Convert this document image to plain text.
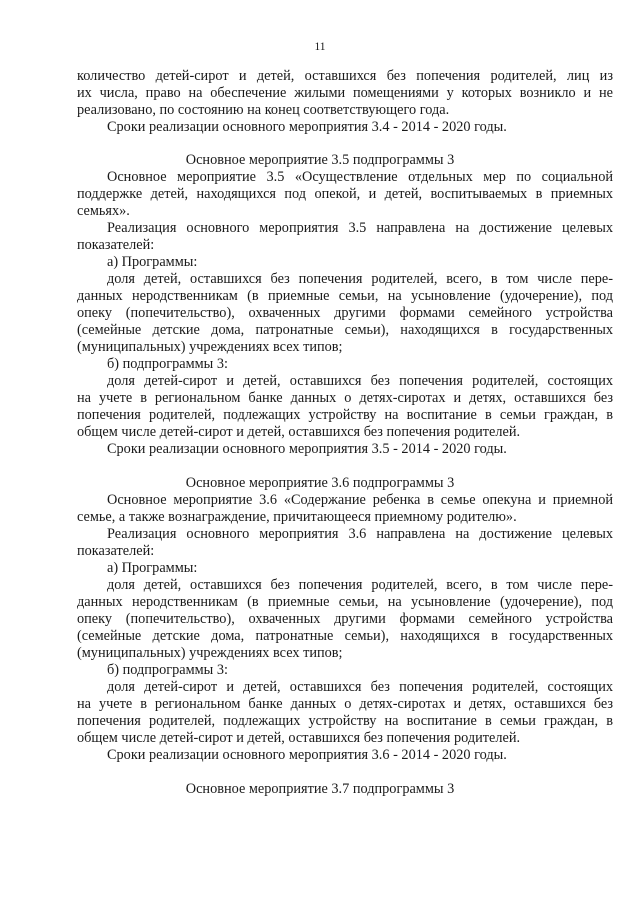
11
количество детей-сирот и детей, оставшихся без попечения родителей, лиц из
их числа, право на обеспечение жилыми помещениями у которых возникло и не
реализовано, по состоянию на конец соответствующего года.
Сроки реализации основного мероприятия 3.4 - 2014 - 2020 годы.
Основное мероприятие 3.5 подпрограммы 3
Основное мероприятие 3.5 «Осуществление отдельных мер по социальной
поддержке детей, находящихся под опекой, и детей, воспитываемых в приемных
семьях».
Реализация основного мероприятия 3.5 направлена на достижение целевых
показателей:
а) Программы:
доля детей, оставшихся без попечения родителей, всего, в том числе пере-
данных неродственникам (в приемные семьи, на усыновление (удочерение), под
опеку (попечительство), охваченных другими формами семейного устройства
(семейные детские дома, патронатные семьи), находящихся в государственных
(муниципальных) учреждениях всех типов;
б) подпрограммы 3:
доля детей-сирот и детей, оставшихся без попечения родителей, состоящих
на учете в региональном банке данных о детях-сиротах и детях, оставшихся без
попечения родителей, подлежащих устройству на воспитание в семьи граждан, в
общем числе детей-сирот и детей, оставшихся без попечения родителей.
Сроки реализации основного мероприятия 3.5 - 2014 - 2020 годы.
Основное мероприятие 3.6 подпрограммы 3
Основное мероприятие 3.6 «Содержание ребенка в семье опекуна и приемной
семье, а также вознаграждение, причитающееся приемному родителю».
Реализация основного мероприятия 3.6 направлена на достижение целевых
показателей:
а) Программы:
доля детей, оставшихся без попечения родителей, всего, в том числе пере-
данных неродственникам (в приемные семьи, на усыновление (удочерение), под
опеку (попечительство), охваченных другими формами семейного устройства
(семейные детские дома, патронатные семьи), находящихся в государственных
(муниципальных) учреждениях всех типов;
б) подпрограммы 3:
доля детей-сирот и детей, оставшихся без попечения родителей, состоящих
на учете в региональном банке данных о детях-сиротах и детях, оставшихся без
попечения родителей, подлежащих устройству на воспитание в семьи граждан, в
общем числе детей-сирот и детей, оставшихся без попечения родителей.
Сроки реализации основного мероприятия 3.6 - 2014 - 2020 годы.
Основное мероприятие 3.7 подпрограммы 3
